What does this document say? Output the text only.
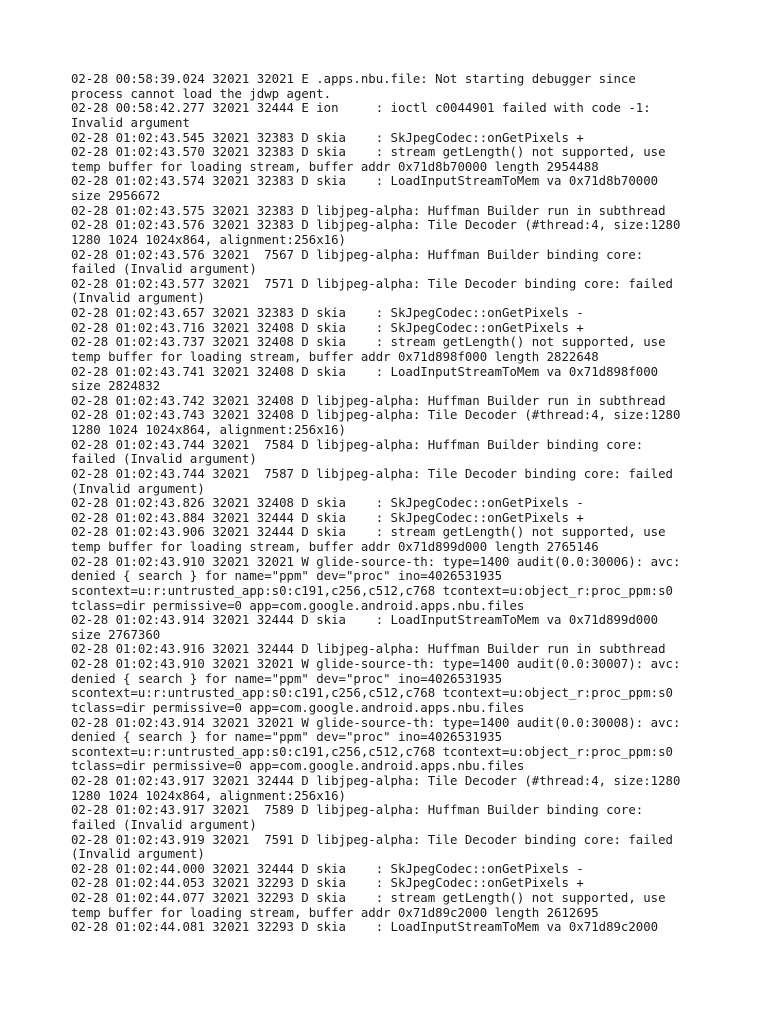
02-28 00:58:39.024 32021 32021 E .apps.nbu.file: Not starting debugger since

process cannot load the jdwp agent.

02-28 00:58:42.277 32021 32444 E ion     : ioctl c0044901 failed with code -1:

Invalid argument

02-28 01:02:43.545 32021 32383 D skia    : SkJpegCodec::onGetPixels +

02-28 01:02:43.570 32021 32383 D skia    : stream getLength() not supported, use

temp buffer for loading stream, buffer addr 0x71d8b70000 length 2954488

02-28 01:02:43.574 32021 32383 D skia    : LoadInputStreamToMem va 0x71d8b70000

size 2956672

02-28 01:02:43.575 32021 32383 D libjpeg-alpha: Huffman Builder run in subthread

02-28 01:02:43.576 32021 32383 D libjpeg-alpha: Tile Decoder (#thread:4, size:1280

1280 1024 1024x864, alignment:256x16)

02-28 01:02:43.576 32021  7567 D libjpeg-alpha: Huffman Builder binding core:

failed (Invalid argument)

02-28 01:02:43.577 32021  7571 D libjpeg-alpha: Tile Decoder binding core: failed

(Invalid argument)

02-28 01:02:43.657 32021 32383 D skia    : SkJpegCodec::onGetPixels -

02-28 01:02:43.716 32021 32408 D skia    : SkJpegCodec::onGetPixels +

02-28 01:02:43.737 32021 32408 D skia    : stream getLength() not supported, use

temp buffer for loading stream, buffer addr 0x71d898f000 length 2822648

02-28 01:02:43.741 32021 32408 D skia    : LoadInputStreamToMem va 0x71d898f000

size 2824832

02-28 01:02:43.742 32021 32408 D libjpeg-alpha: Huffman Builder run in subthread

02-28 01:02:43.743 32021 32408 D libjpeg-alpha: Tile Decoder (#thread:4, size:1280

1280 1024 1024x864, alignment:256x16)

02-28 01:02:43.744 32021  7584 D libjpeg-alpha: Huffman Builder binding core:

failed (Invalid argument)

02-28 01:02:43.744 32021  7587 D libjpeg-alpha: Tile Decoder binding core: failed

(Invalid argument)

02-28 01:02:43.826 32021 32408 D skia    : SkJpegCodec::onGetPixels -

02-28 01:02:43.884 32021 32444 D skia    : SkJpegCodec::onGetPixels +

02-28 01:02:43.906 32021 32444 D skia    : stream getLength() not supported, use

temp buffer for loading stream, buffer addr 0x71d899d000 length 2765146

02-28 01:02:43.910 32021 32021 W glide-source-th: type=1400 audit(0.0:30006): avc:

denied { search } for name="ppm" dev="proc" ino=4026531935

scontext=u:r:untrusted_app:s0:c191,c256,c512,c768 tcontext=u:object_r:proc_ppm:s0

tclass=dir permissive=0 app=com.google.android.apps.nbu.files

02-28 01:02:43.914 32021 32444 D skia    : LoadInputStreamToMem va 0x71d899d000

size 2767360

02-28 01:02:43.916 32021 32444 D libjpeg-alpha: Huffman Builder run in subthread

02-28 01:02:43.910 32021 32021 W glide-source-th: type=1400 audit(0.0:30007): avc:

denied { search } for name="ppm" dev="proc" ino=4026531935

scontext=u:r:untrusted_app:s0:c191,c256,c512,c768 tcontext=u:object_r:proc_ppm:s0

tclass=dir permissive=0 app=com.google.android.apps.nbu.files

02-28 01:02:43.914 32021 32021 W glide-source-th: type=1400 audit(0.0:30008): avc:

denied { search } for name="ppm" dev="proc" ino=4026531935

scontext=u:r:untrusted_app:s0:c191,c256,c512,c768 tcontext=u:object_r:proc_ppm:s0

tclass=dir permissive=0 app=com.google.android.apps.nbu.files

02-28 01:02:43.917 32021 32444 D libjpeg-alpha: Tile Decoder (#thread:4, size:1280

1280 1024 1024x864, alignment:256x16)

02-28 01:02:43.917 32021  7589 D libjpeg-alpha: Huffman Builder binding core:

failed (Invalid argument)

02-28 01:02:43.919 32021  7591 D libjpeg-alpha: Tile Decoder binding core: failed

(Invalid argument)

02-28 01:02:44.000 32021 32444 D skia    : SkJpegCodec::onGetPixels -

02-28 01:02:44.053 32021 32293 D skia    : SkJpegCodec::onGetPixels +

02-28 01:02:44.077 32021 32293 D skia    : stream getLength() not supported, use

temp buffer for loading stream, buffer addr 0x71d89c2000 length 2612695

02-28 01:02:44.081 32021 32293 D skia    : LoadInputStreamToMem va 0x71d89c2000
